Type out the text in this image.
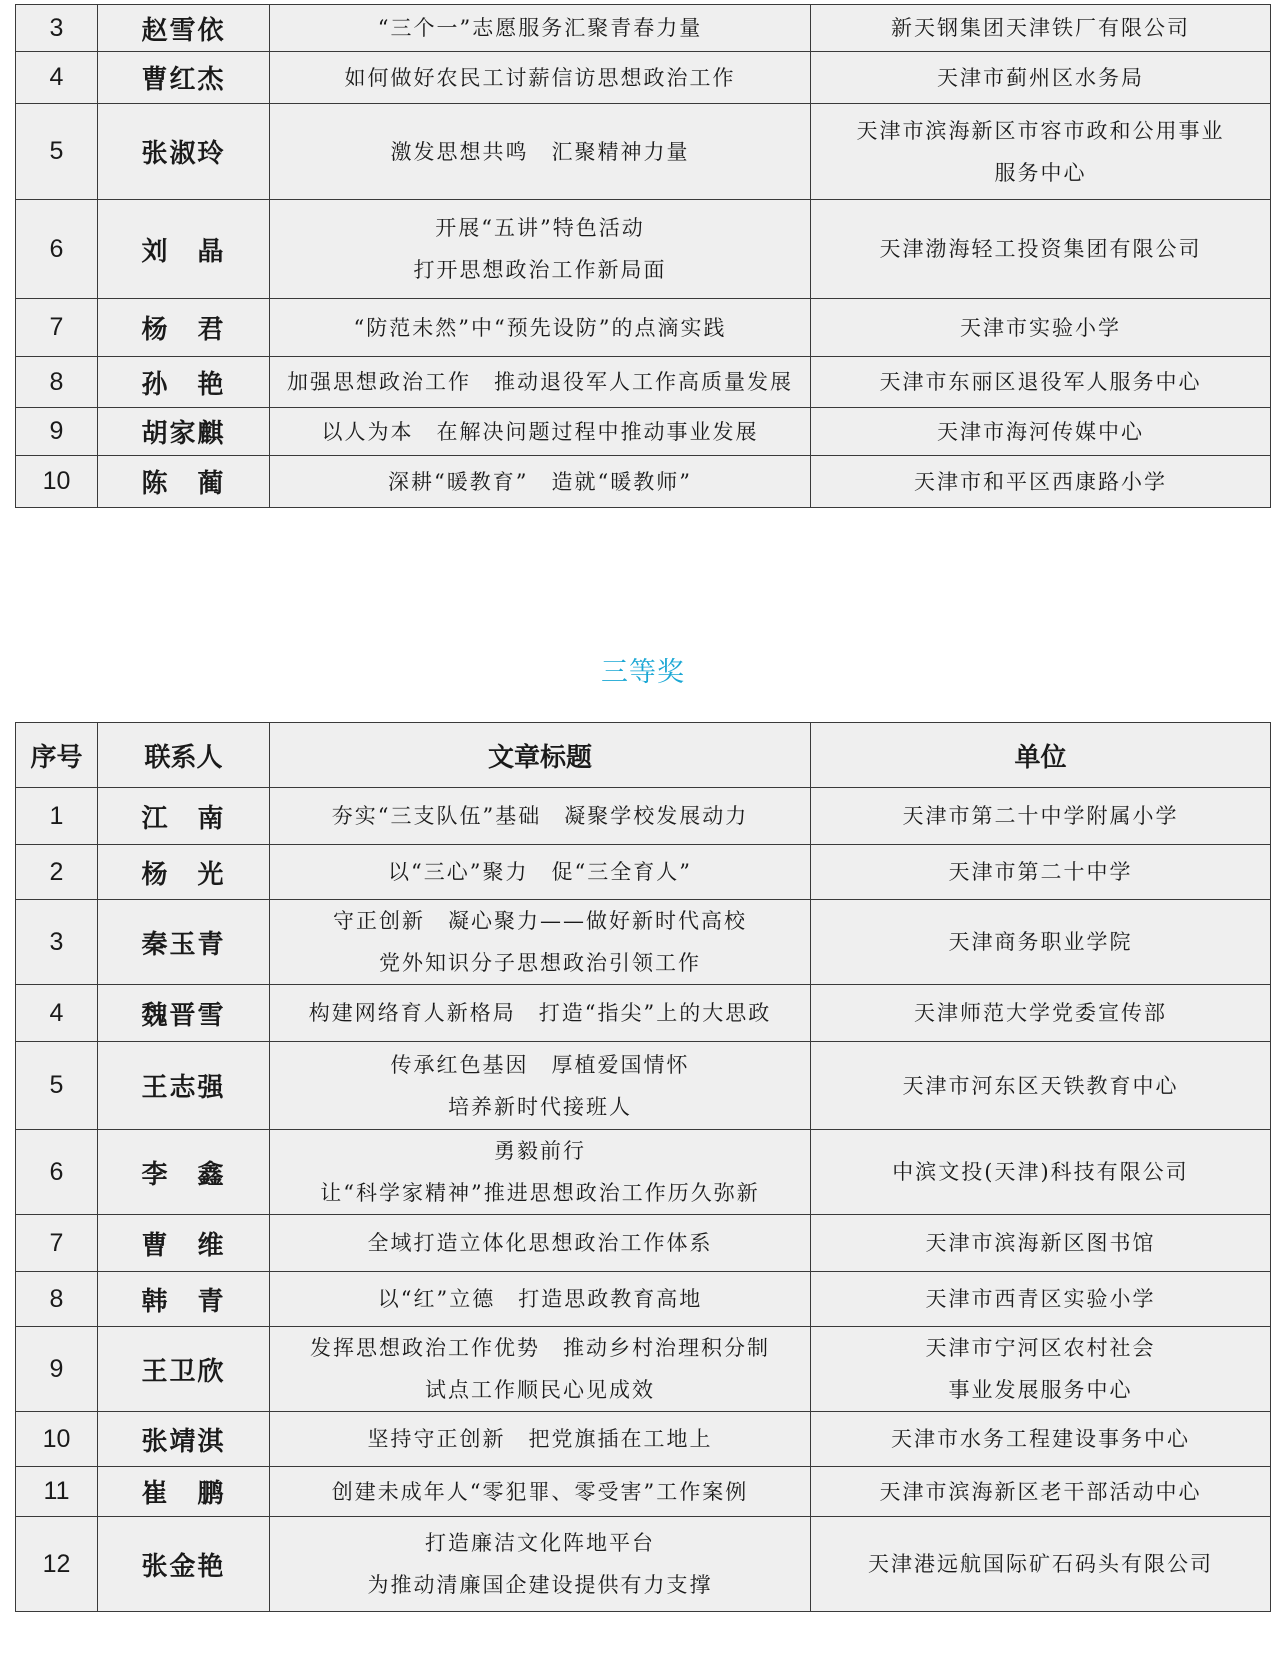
3	赵雪依	“三个一”志愿服务汇聚青春力量	新天钢集团天津铁厂有限公司

4	曹红杰	如何做好农民工讨薪信访思想政治工作	天津市蓟州区水务局

5	张淑玲	激发思想共鸣　汇聚精神力量	天津市滨海新区市容市政和公用事业
服务中心

6	刘　晶	开展“五讲”特色活动
打开思想政治工作新局面	天津渤海轻工投资集团有限公司

7	杨　君	“防范未然”中“预先设防”的点滴实践	天津市实验小学

8	孙　艳	加强思想政治工作　推动退役军人工作高质量发展	天津市东丽区退役军人服务中心

9	胡家麒	以人为本　在解决问题过程中推动事业发展	天津市海河传媒中心

10	陈　蔺	深耕“暖教育”　造就“暖教师”	天津市和平区西康路小学
三等奖
序号	联系人	文章标题	单位
1	江　南	夯实“三支队伍”基础　凝聚学校发展动力	天津市第二十中学附属小学

2	杨　光	以“三心”聚力　促“三全育人”	天津市第二十中学

3	秦玉青	守正创新　凝心聚力——做好新时代高校
党外知识分子思想政治引领工作	天津商务职业学院

4	魏晋雪	构建网络育人新格局　打造“指尖”上的大思政	天津师范大学党委宣传部

5	王志强	传承红色基因　厚植爱国情怀
培养新时代接班人	天津市河东区天铁教育中心

6	李　鑫	勇毅前行
让“科学家精神”推进思想政治工作历久弥新	中滨文投(天津)科技有限公司

7	曹　维	全域打造立体化思想政治工作体系	天津市滨海新区图书馆

8	韩　青	以“红”立德　打造思政教育高地	天津市西青区实验小学

9	王卫欣	发挥思想政治工作优势　推动乡村治理积分制
试点工作顺民心见成效	天津市宁河区农村社会
事业发展服务中心

10	张靖淇	坚持守正创新　把党旗插在工地上	天津市水务工程建设事务中心

11	崔　鹏	创建未成年人“零犯罪、零受害”工作案例	天津市滨海新区老干部活动中心

12	张金艳	打造廉洁文化阵地平台
为推动清廉国企建设提供有力支撑	天津港远航国际矿石码头有限公司
